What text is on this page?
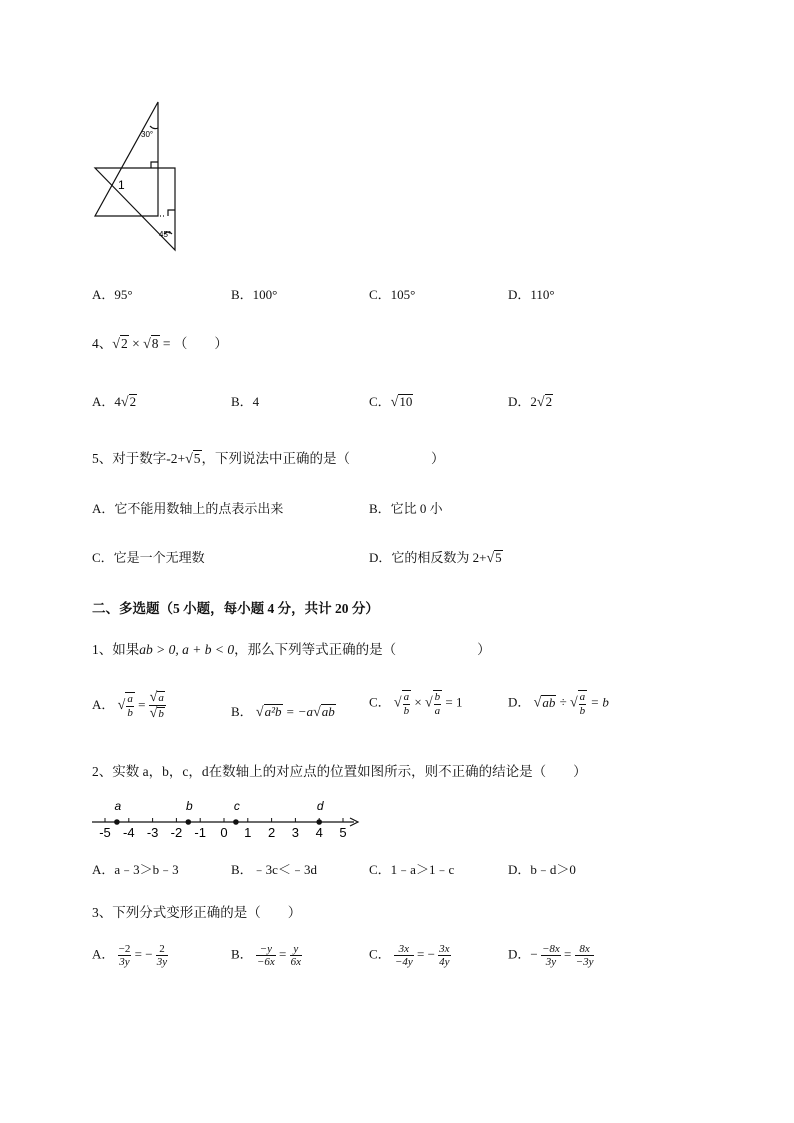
30°
1
45°
A．95°	B．100°	C．105°	D．110°
4、√2 × √8 = （　　）
A．4√2	B．4	C．√10	D．2√2
5、对于数字-2+√5，下列说法中正确的是（　　　　　　）
A．它不能用数轴上的点表示出来	B．它比 0 小
C．它是一个无理数	D．它的相反数为 2+√5
二、多选题（5 小题，每小题 4 分，共计 20 分）
1、如果ab > 0, a + b < 0，那么下列等式正确的是（　　　　　　）
A． √ $\frac{a}{b} = \frac{√a}{√b}$	B． √a²b = −a√ab
C． √ $\frac{a}{b}$ × √ $\frac{b}{a} = 1$	D． √ab ÷ √ $\frac{a}{b} = b$
2、实数 a，b，c，d在数轴上的对应点的位置如图所示，则不正确的结论是（　　）
-5 -4 -3 -2 -1 0 1 2 3 4 5
a	b	c	d
A．a﹣3＞b﹣3	B．﹣3c＜﹣3d	C．1﹣a＞1﹣c	D．b﹣d＞0
3、下列分式变形正确的是（　　）
A． $\frac{-2}{3y}$ = − $\frac{2}{3y}$	B． $\frac{-y}{-6x} = \frac{y}{6x}$	C． $\frac{3x}{-4y}$ = − $\frac{3x}{4y}$	D．− $\frac{-8x}{3y} = \frac{8x}{-3y}$
